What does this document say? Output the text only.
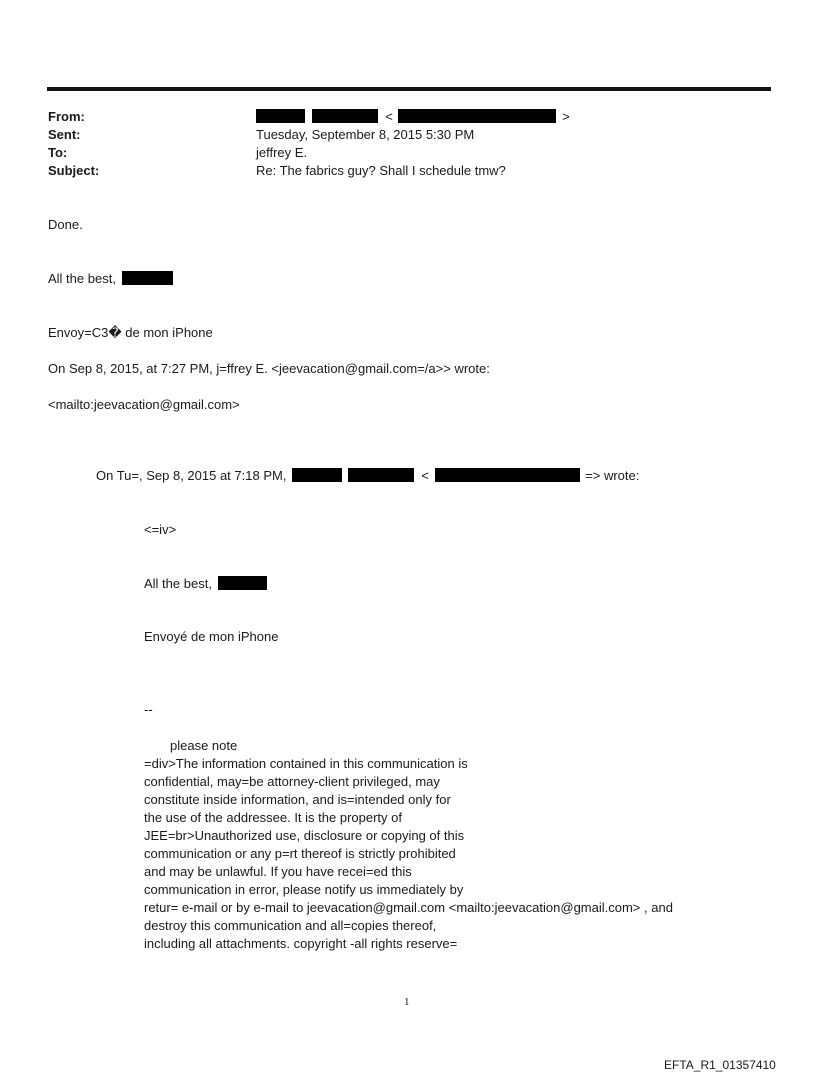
From:	<	>
Sent:	Tuesday, September 8, 2015 5:30 PM
To:	jeffrey E.
Subject:	Re: The fabrics guy? Shall I schedule tmw?
Done.
All the best,
Envoy=C3� de mon iPhone
On Sep 8, 2015, at 7:27 PM, j=ffrey E. <jeevacation@gmail.com=/a>> wrote:
<mailto:jeevacation@gmail.com>
On Tu=, Sep 8, 2015 at 7:18 PM,	<	=> wrote:
<=iv>
All the best,
Envoyé de mon iPhone
--
please note
=div>The information contained in this communication is
confidential, may=be attorney-client privileged, may
constitute inside information, and is=intended only for
the use of the addressee. It is the property of
JEE=br>Unauthorized use, disclosure or copying of this
communication or any p=rt thereof is strictly prohibited
and may be unlawful. If you have recei=ed this
communication in error, please notify us immediately by
retur= e-mail or by e-mail to jeevacation@gmail.com <mailto:jeevacation@gmail.com> , and
destroy this communication and all=copies thereof,
including all attachments. copyright -all rights reserve=
1
EFTA_R1_01357410
